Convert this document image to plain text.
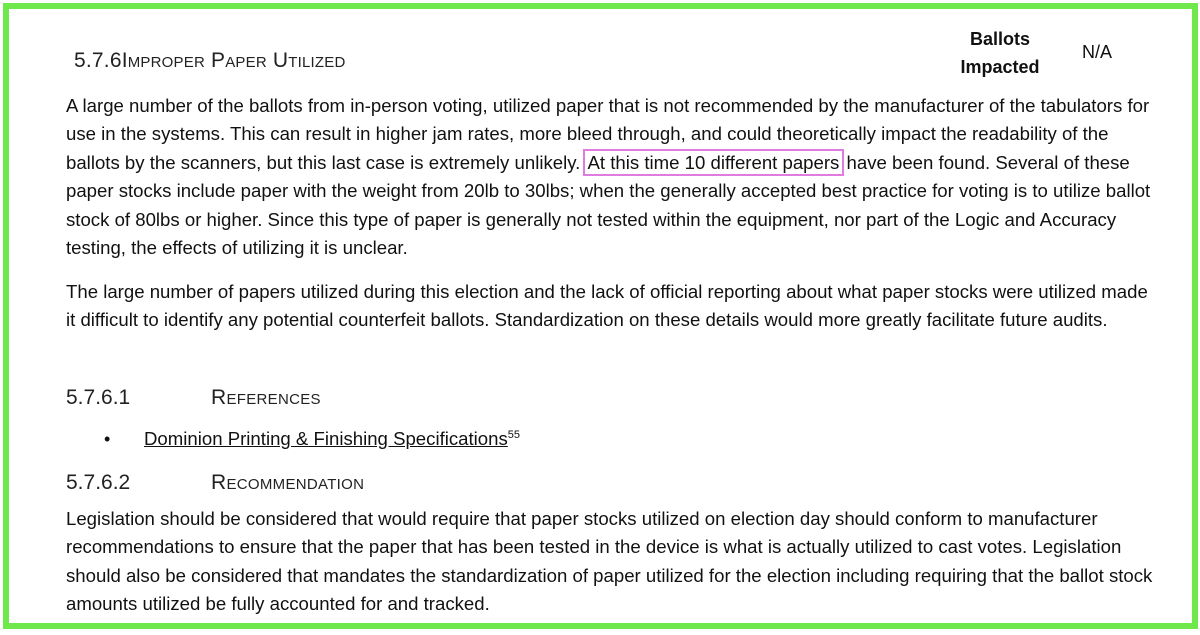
5.7.6Improper Paper Utilized
Ballots Impacted
N/A

A large number of the ballots from in-person voting, utilized paper that is not recommended by the manufacturer of the tabulators for use in the systems. This can result in higher jam rates, more bleed through, and could theoretically impact the readability of the ballots by the scanners, but this last case is extremely unlikely. At this time 10 different papers have been found. Several of these paper stocks include paper with the weight from 20lb to 30lbs; when the generally accepted best practice for voting is to utilize ballot stock of 80lbs or higher. Since this type of paper is generally not tested within the equipment, nor part of the Logic and Accuracy testing, the effects of utilizing it is unclear.

The large number of papers utilized during this election and the lack of official reporting about what paper stocks were utilized made it difficult to identify any potential counterfeit ballots. Standardization on these details would more greatly facilitate future audits.

5.7.6.1	References
• Dominion Printing & Finishing Specifications$^{55}$
5.7.6.2	Recommendation

Legislation should be considered that would require that paper stocks utilized on election day should conform to manufacturer recommendations to ensure that the paper that has been tested in the device is what is actually utilized to cast votes. Legislation should also be considered that mandates the standardization of paper utilized for the election including requiring that the ballot stock amounts utilized be fully accounted for and tracked.
